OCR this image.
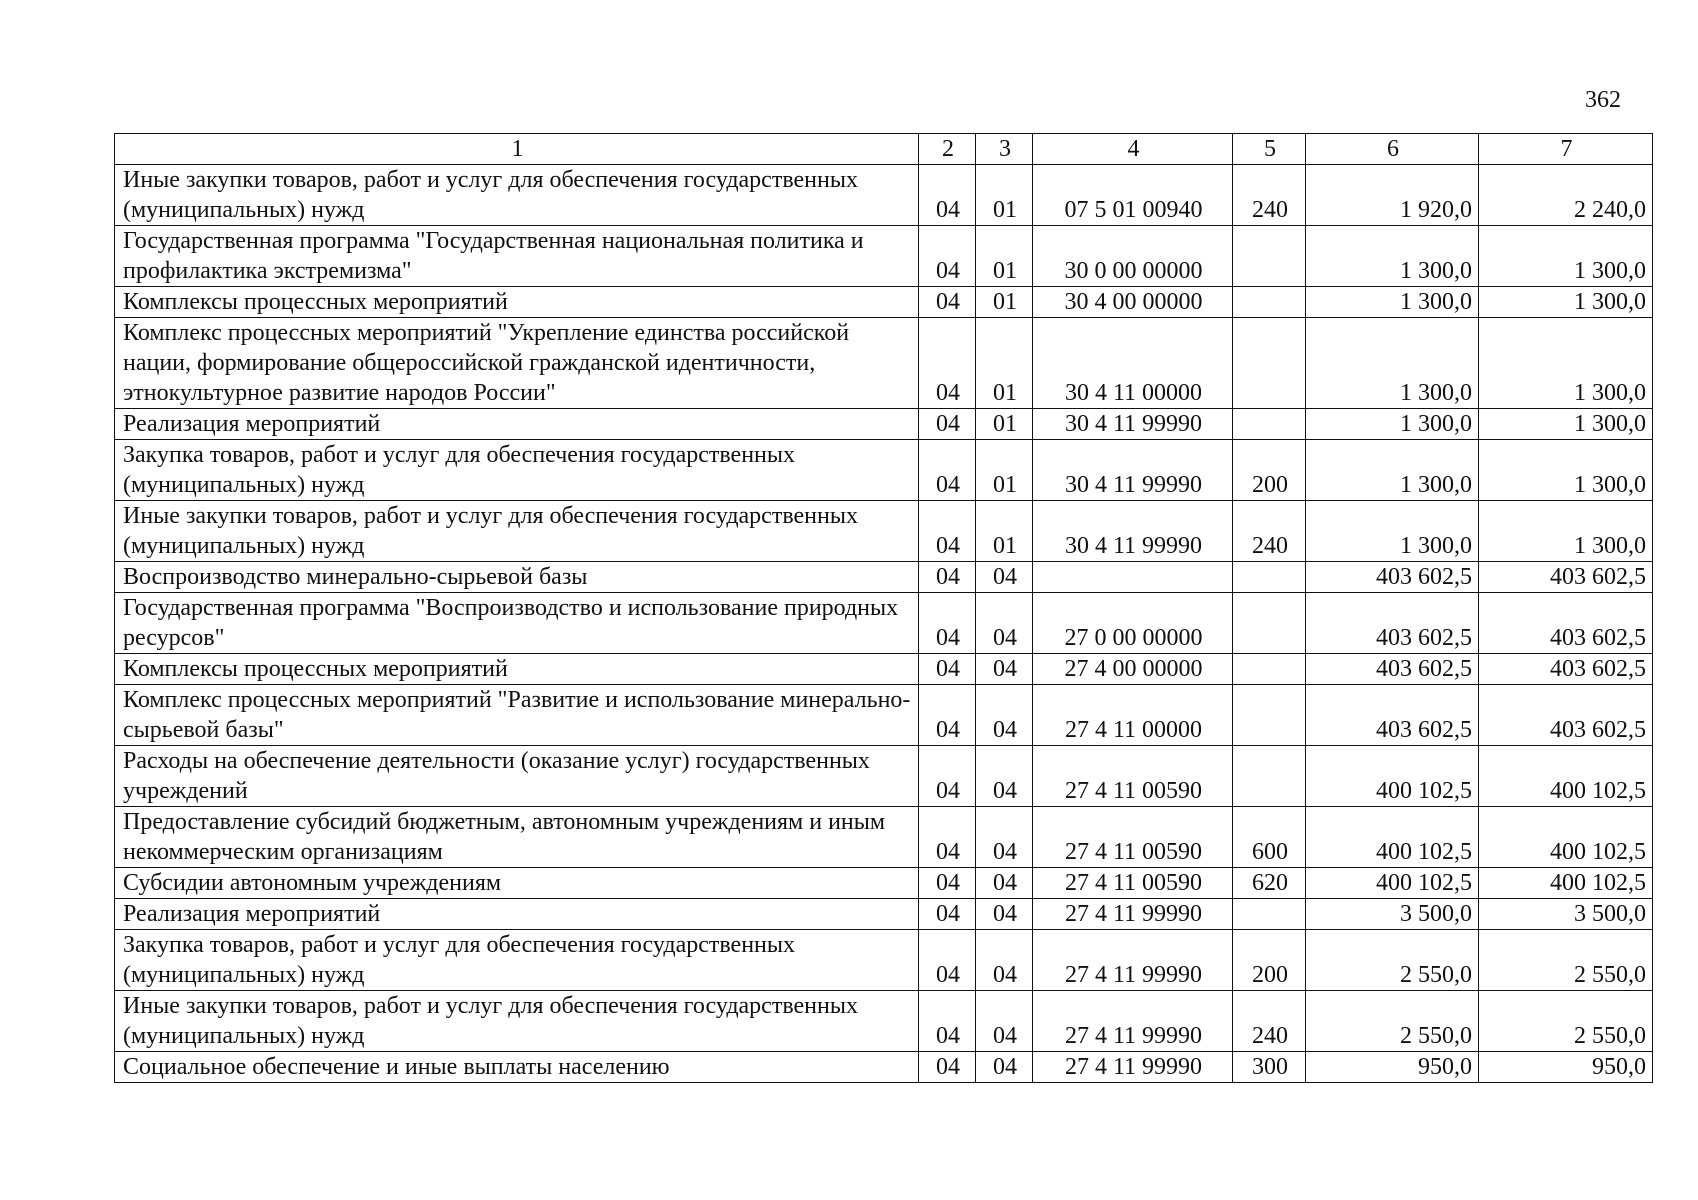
362
1	2	3	4	5	6	7
Иные закупки товаров, работ и услуг для обеспечения государственных (муниципальных) нужд	04	01	07 5 01 00940	240	1 920,0	2 240,0
Государственная программа "Государственная национальная политика и профилактика экстремизма"	04	01	30 0 00 00000		1 300,0	1 300,0
Комплексы процессных мероприятий	04	01	30 4 00 00000		1 300,0	1 300,0
Комплекс процессных мероприятий "Укрепление единства российской нации, формирование общероссийской гражданской идентичности, этнокультурное развитие народов России"	04	01	30 4 11 00000		1 300,0	1 300,0
Реализация мероприятий	04	01	30 4 11 99990		1 300,0	1 300,0
Закупка товаров, работ и услуг для обеспечения государственных (муниципальных) нужд	04	01	30 4 11 99990	200	1 300,0	1 300,0
Иные закупки товаров, работ и услуг для обеспечения государственных (муниципальных) нужд	04	01	30 4 11 99990	240	1 300,0	1 300,0
Воспроизводство минерально-сырьевой базы	04	04			403 602,5	403 602,5
Государственная программа "Воспроизводство и использование природных ресурсов"	04	04	27 0 00 00000		403 602,5	403 602,5
Комплексы процессных мероприятий	04	04	27 4 00 00000		403 602,5	403 602,5
Комплекс процессных мероприятий "Развитие и использование минерально-сырьевой базы"	04	04	27 4 11 00000		403 602,5	403 602,5
Расходы на обеспечение деятельности (оказание услуг) государственных учреждений	04	04	27 4 11 00590		400 102,5	400 102,5
Предоставление субсидий бюджетным, автономным учреждениям и иным некоммерческим организациям	04	04	27 4 11 00590	600	400 102,5	400 102,5
Субсидии автономным учреждениям	04	04	27 4 11 00590	620	400 102,5	400 102,5
Реализация мероприятий	04	04	27 4 11 99990		3 500,0	3 500,0
Закупка товаров, работ и услуг для обеспечения государственных (муниципальных) нужд	04	04	27 4 11 99990	200	2 550,0	2 550,0
Иные закупки товаров, работ и услуг для обеспечения государственных (муниципальных) нужд	04	04	27 4 11 99990	240	2 550,0	2 550,0
Социальное обеспечение и иные выплаты населению	04	04	27 4 11 99990	300	950,0	950,0
